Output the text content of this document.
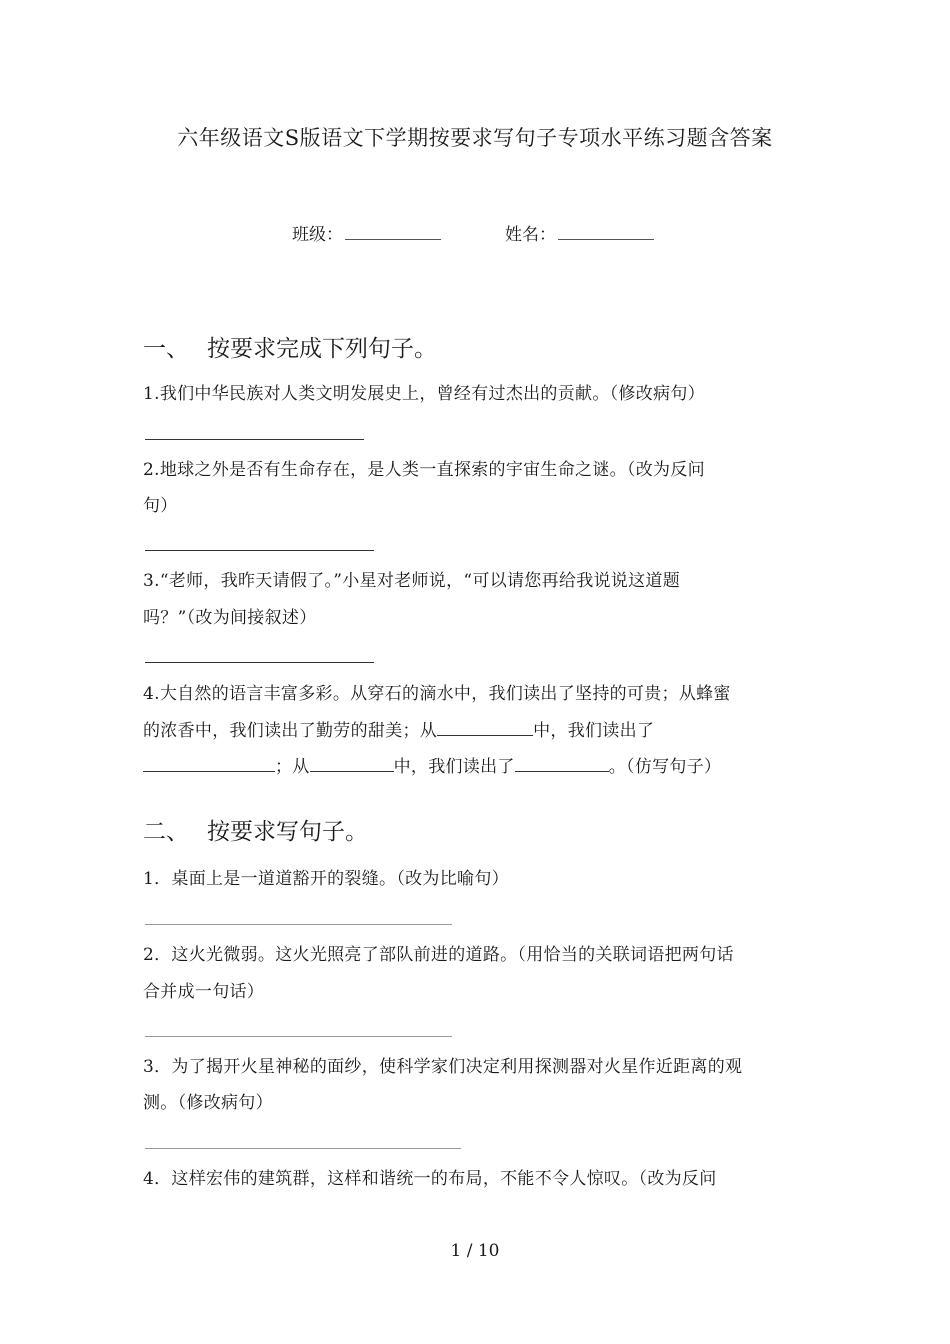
六年级语文S版语文下学期按要求写句子专项水平练习题含答案
班级：	姓名：
一、 按要求完成下列句子。
1.我们中华民族对人类文明发展史上，曾经有过杰出的贡献。（修改病句）
2.地球之外是否有生命存在，是人类一直探索的宇宙生命之谜。（改为反问
句）
3.“老师，我昨天请假了。”小星对老师说，“可以请您再给我说说这道题
吗？”（改为间接叙述）
4.大自然的语言丰富多彩。从穿石的滴水中，我们读出了坚持的可贵；从蜂蜜
的浓香中，我们读出了勤劳的甜美；从	中，我们读出了
；从	中，我们读出了	。（仿写句子）
二、 按要求写句子。
1．桌面上是一道道豁开的裂缝。（改为比喻句）
2．这火光微弱。这火光照亮了部队前进的道路。（用恰当的关联词语把两句话
合并成一句话）
3．为了揭开火星神秘的面纱，使科学家们决定利用探测器对火星作近距离的观
测。（修改病句）
4．这样宏伟的建筑群，这样和谐统一的布局，不能不令人惊叹。（改为反问
1 / 10
